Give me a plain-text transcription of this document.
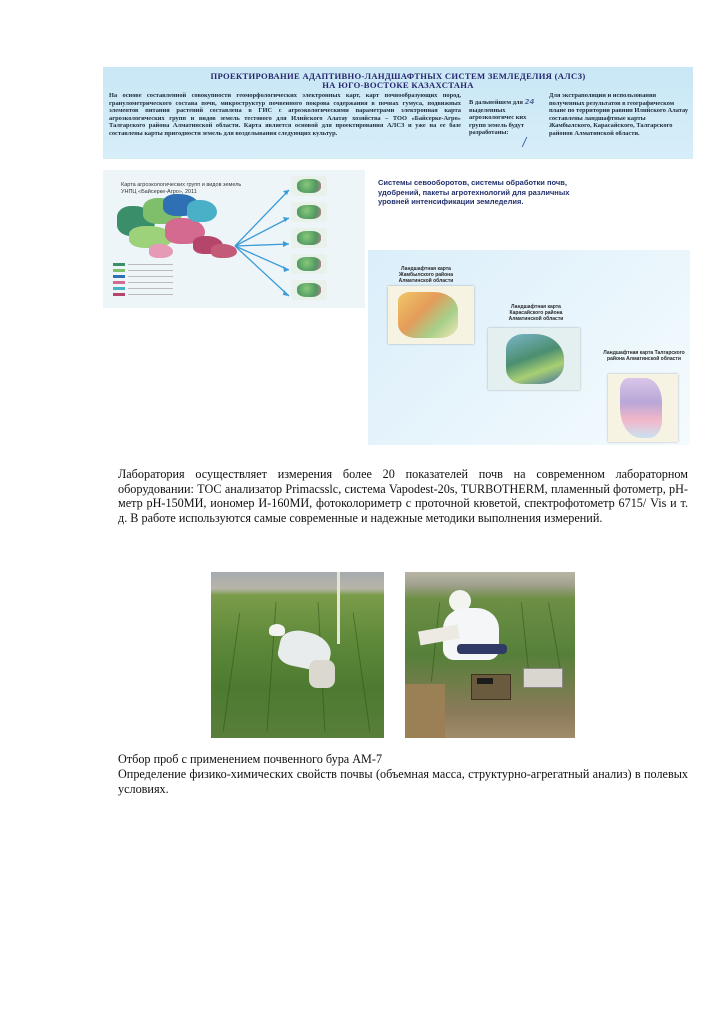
ПРОЕКТИРОВАНИЕ АДАПТИВНО-ЛАНДШАФТНЫХ СИСТЕМ ЗЕМЛЕДЕЛИЯ (АЛСЗ)
НА ЮГО-ВОСТОКЕ КАЗАХСТАНА
На основе составленной совокупности геоморфологических электронных карт, карт почвообразующих пород, гранулометрического состава почв, микроструктур почвенного покрова содержания в почвах гумуса, подвижных элементов питания растений составлена в ГИС с агроэкологическими параметрами электронная карта агроэкологических групп и видов земель тестового для Илийского Алатау хозяйства – ТОО «Байсерке-Агро» Талгарского района Алматинской области. Карта является основой для проектирования АЛСЗ и уже на ее базе составлены карты пригодности земель для возделывания следующих культур.
В дальнейшем для 24 выделенных агроэкологичес ких групп земель будут разработаны:
Для экстраполяции и использования полученных результатов в географическом плане по территории равнин Илийского Алатау составлены ландшафтные карты Жамбылского, Карасайского, Талгарского районов Алматинской области.
Карта агроэкологических групп и видов земель УНПЦ «Байсерке-Агро», 2011
Системы севооборотов, системы обработки почв, удобрений, пакеты агротехнологий для различных уровней интенсификации земледелия.
Ландшафтная карта Жамбылского района Алматинской области
Ландшафтная карта Карасайского района Алматинской области
Ландшафтная карта Талгарского района Алматинской области
Лаборатория осуществляет измерения более 20 показателей почв на современном лабораторном оборудовании: ТОС анализатор Primacsslc, система Vapodest-20s, TURBOTHERM, пламенный фотометр, pH-метр pH-150МИ, иономер И-160МИ, фотоколориметр с проточной кюветой, спектрофотометр 6715/ Vis и т. д. В работе используются самые современные и надежные методики выполнения измерений.
Отбор проб с применением почвенного бура АМ-7
Определение физико-химических свойств почвы (объемная масса, структурно-агрегатный анализ) в полевых условиях.
